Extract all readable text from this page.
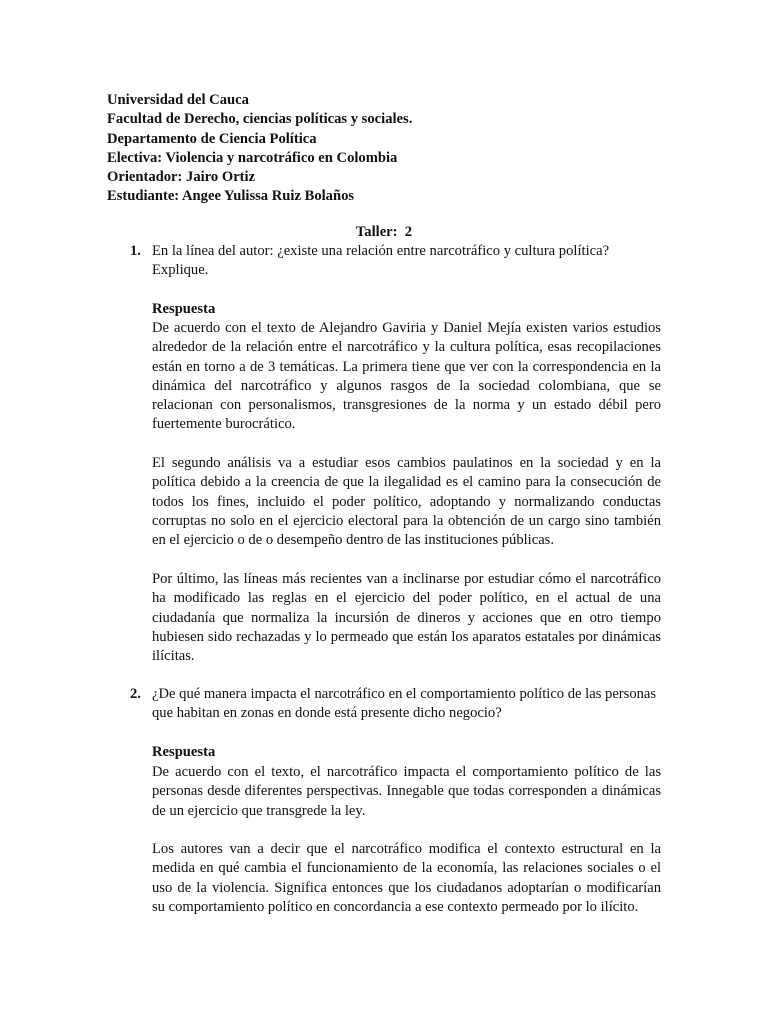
Universidad del Cauca
Facultad de Derecho, ciencias políticas y sociales.
Departamento de Ciencia Política
Electiva: Violencia y narcotráfico en Colombia
Orientador: Jairo Ortiz
Estudiante: Angee Yulissa Ruiz Bolaños
Taller:  2
1. En la línea del autor: ¿existe una relación entre narcotráfico y cultura política? Explique.
Respuesta
De acuerdo con el texto de Alejandro Gaviria y Daniel Mejía existen varios estudios alrededor de la relación entre el narcotráfico y la cultura política, esas recopilaciones están en torno a de 3 temáticas. La primera tiene que ver con la correspondencia en la dinámica del narcotráfico y algunos rasgos de la sociedad colombiana, que se relacionan con personalismos, transgresiones de la norma y un estado débil pero fuertemente burocrático.
El segundo análisis va a estudiar esos cambios paulatinos en la sociedad y en la política debido a la creencia de que la ilegalidad es el camino para la consecución de todos los fines, incluido el poder político, adoptando y normalizando conductas corruptas no solo en el ejercicio electoral para la obtención de un cargo sino también en el ejercicio o de o desempeño dentro de las instituciones públicas.
Por último, las líneas más recientes van a inclinarse por estudiar cómo el narcotráfico ha modificado las reglas en el ejercicio del poder político, en el actual de una ciudadanía que normaliza la incursión de dineros y acciones que en otro tiempo hubiesen sido rechazadas y lo permeado que están los aparatos estatales por dinámicas ilícitas.
2. ¿De qué manera impacta el narcotráfico en el comportamiento político de las personas que habitan en zonas en donde está presente dicho negocio?
Respuesta
De acuerdo con el texto, el narcotráfico impacta el comportamiento político de las personas desde diferentes perspectivas. Innegable que todas corresponden a dinámicas de un ejercicio que transgrede la ley.
Los autores van a decir que el narcotráfico modifica el contexto estructural en la medida en qué cambia el funcionamiento de la economía, las relaciones sociales o el uso de la violencia. Significa entonces que los ciudadanos adoptarían o modificarían su comportamiento político en concordancia a ese contexto permeado por lo ilícito.
